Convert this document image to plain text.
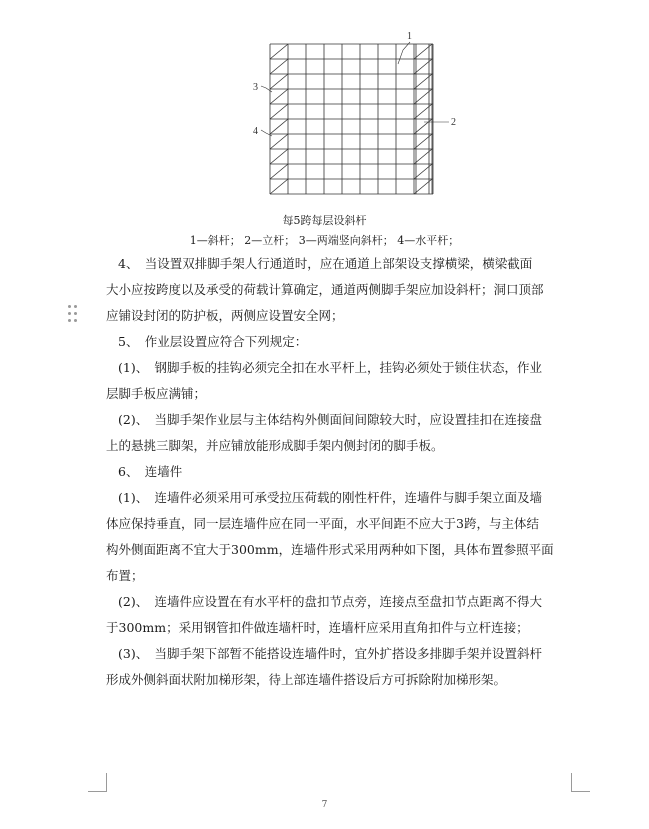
1
2
3
4
每5跨每层设斜杆
1—斜杆； 2—立杆； 3—两端竖向斜杆； 4—水平杆；
4、　当设置双排脚手架人行通道时，应在通道上部架设支撑横梁，横梁截面
大小应按跨度以及承受的荷载计算确定，通道两侧脚手架应加设斜杆；洞口顶部
应铺设封闭的防护板，两侧应设置安全网；
5、　作业层设置应符合下列规定：
(1)、　钢脚手板的挂钩必须完全扣在水平杆上，挂钩必须处于锁住状态，作业
层脚手板应满铺；
(2)、　当脚手架作业层与主体结构外侧面间间隙较大时，应设置挂扣在连接盘
上的悬挑三脚架，并应铺放能形成脚手架内侧封闭的脚手板。
6、　连墙件
(1)、　连墙件必须采用可承受拉压荷载的刚性杆件，连墙件与脚手架立面及墙
体应保持垂直，同一层连墙件应在同一平面，水平间距不应大于3跨，与主体结
构外侧面距离不宜大于300mm，连墙件形式采用两种如下图，具体布置参照平面
布置；
(2)、　连墙件应设置在有水平杆的盘扣节点旁，连接点至盘扣节点距离不得大
于300mm；采用钢管扣件做连墙杆时，连墙杆应采用直角扣件与立杆连接；
(3)、　当脚手架下部暂不能搭设连墙件时，宜外扩搭设多排脚手架并设置斜杆
形成外侧斜面状附加梯形架，待上部连墙件搭设后方可拆除附加梯形架。
7
